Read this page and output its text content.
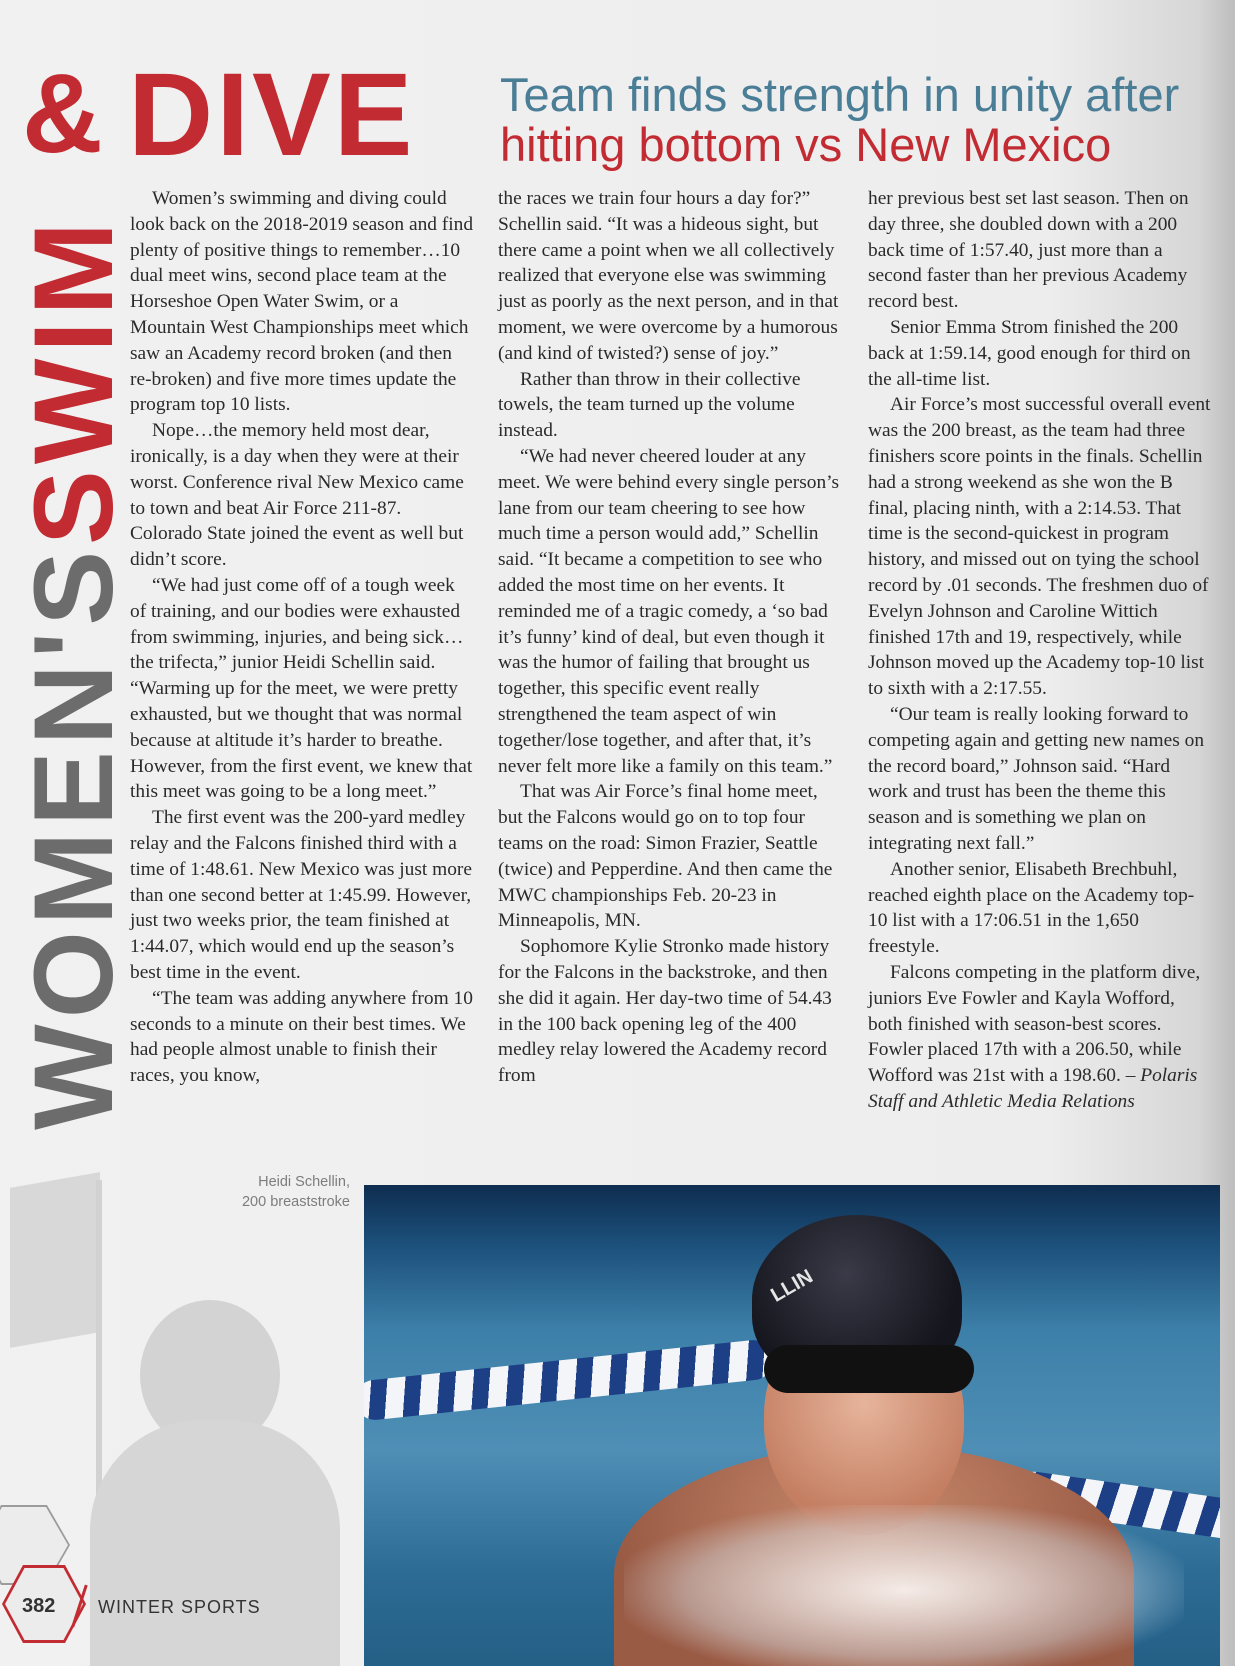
WOMEN'SSWIM
& DIVE Team finds strength in unity after
hitting bottom vs New Mexico

Women’s swimming and diving could look back on the 2018-2019 season and find plenty of positive things to remember…10 dual meet wins, second place team at the Horseshoe Open Water Swim, or a Mountain West Championships meet which saw an Academy record broken (and then re-broken) and five more times update the program top 10 lists.

Nope…the memory held most dear, ironically, is a day when they were at their worst. Conference rival New Mexico came to town and beat Air Force 211-87. Colorado State joined the event as well but didn’t score.

“We had just come off of a tough week of training, and our bodies were exhausted from swimming, injuries, and being sick…the trifecta,” junior Heidi Schellin said. “Warming up for the meet, we were pretty exhausted, but we thought that was normal because at altitude it’s harder to breathe. However, from the first event, we knew that this meet was going to be a long meet.”

The first event was the 200-yard medley relay and the Falcons finished third with a time of 1:48.61. New Mexico was just more than one second better at 1:45.99. However, just two weeks prior, the team finished at 1:44.07, which would end up the season’s best time in the event.

“The team was adding anywhere from 10 seconds to a minute on their best times. We had people almost unable to finish their races, you know,

the races we train four hours a day for?” Schellin said. “It was a hideous sight, but there came a point when we all collectively realized that everyone else was swimming just as poorly as the next person, and in that moment, we were overcome by a humorous (and kind of twisted?) sense of joy.”

Rather than throw in their collective towels, the team turned up the volume instead.

“We had never cheered louder at any meet. We were behind every single person’s lane from our team cheering to see how much time a person would add,” Schellin said. “It became a competition to see who added the most time on her events. It reminded me of a tragic comedy, a ‘so bad it’s funny’ kind of deal, but even though it was the humor of failing that brought us together, this specific event really strengthened the team aspect of win together/lose together, and after that, it’s never felt more like a family on this team.”

That was Air Force’s final home meet, but the Falcons would go on to top four teams on the road: Simon Frazier, Seattle (twice) and Pepperdine. And then came the MWC championships Feb. 20-23 in Minneapolis, MN.

Sophomore Kylie Stronko made history for the Falcons in the backstroke, and then she did it again. Her day-two time of 54.43 in the 100 back opening leg of the 400 medley relay lowered the Academy record from

her previous best set last season. Then on day three, she doubled down with a 200 back time of 1:57.40, just more than a second faster than her previous Academy record best.

Senior Emma Strom finished the 200 back at 1:59.14, good enough for third on the all-time list.

Air Force’s most successful overall event was the 200 breast, as the team had three finishers score points in the finals. Schellin had a strong weekend as she won the B final, placing ninth, with a 2:14.53. That time is the second-quickest in program history, and missed out on tying the school record by .01 seconds. The freshmen duo of Evelyn Johnson and Caroline Wittich finished 17th and 19, respectively, while Johnson moved up the Academy top-10 list to sixth with a 2:17.55.

“Our team is really looking forward to competing again and getting new names on the record board,” Johnson said. “Hard work and trust has been the theme this season and is something we plan on integrating next fall.”

Another senior, Elisabeth Brechbuhl, reached eighth place on the Academy top-10 list with a 17:06.51 in the 1,650 freestyle.

Falcons competing in the platform dive, juniors Eve Fowler and Kayla Wofford, both finished with season-best scores. Fowler placed 17th with a 206.50, while Wofford was 21st with a 198.60. – Polaris Staff and Athletic Media Relations

Heidi Schellin,
200 breaststroke
LLIN
382 WINTER SPORTS
